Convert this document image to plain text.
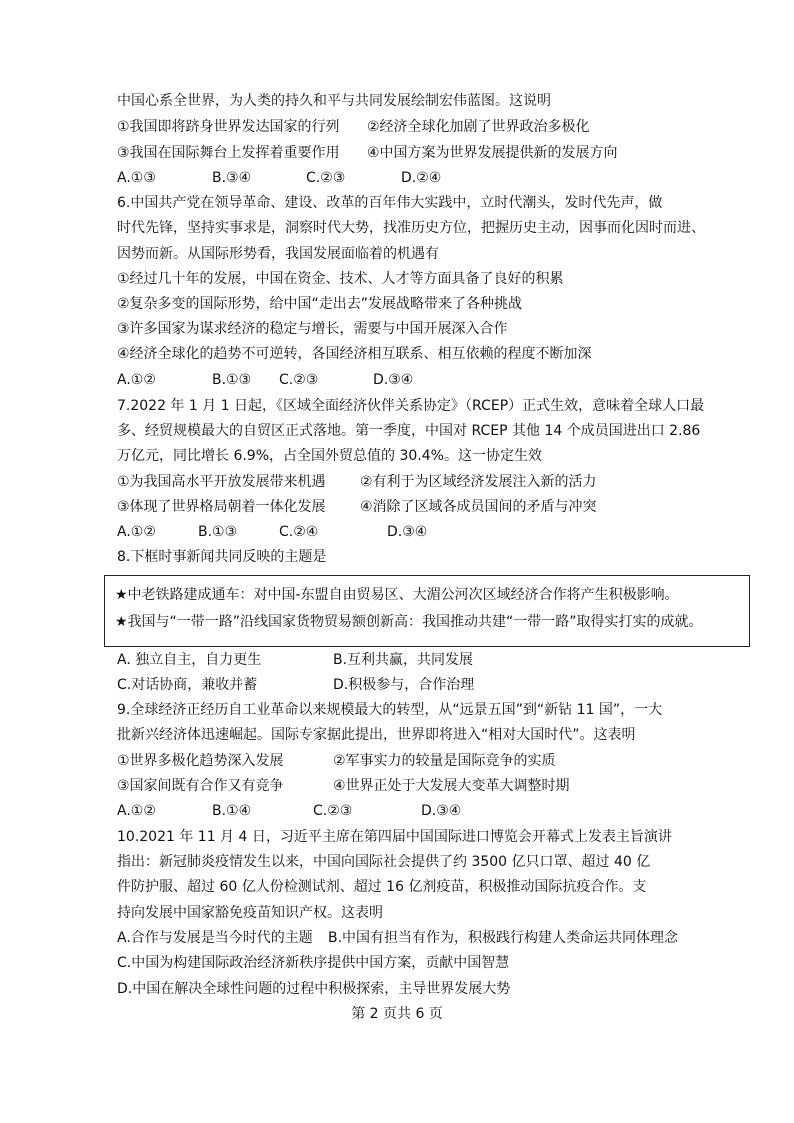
中国心系全世界，为人类的持久和平与共同发展绘制宏伟蓝图。这说明
①我国即将跻身世界发达国家的行列 ②经济全球化加剧了世界政治多极化
③我国在国际舞台上发挥着重要作用 ④中国方案为世界发展提供新的发展方向
A.①③	B.③④	C.②③	D.②④
6.中国共产党在领导革命、建设、改革的百年伟大实践中，立时代潮头，发时代先声，做
时代先锋，坚持实事求是，洞察时代大势，找准历史方位，把握历史主动，因事而化因时而进、
因势而新。从国际形势看，我国发展面临着的机遇有
①经过几十年的发展，中国在资金、技术、人才等方面具备了良好的积累
②复杂多变的国际形势，给中国“走出去”发展战略带来了各种挑战
③许多国家为谋求经济的稳定与增长，需要与中国开展深入合作
④经济全球化的趋势不可逆转，各国经济相互联系、相互依赖的程度不断加深
A.①②	B.①③ C.②③	D.③④
7.2022 年 1 月 1 日起，《区域全面经济伙伴关系协定》（RCEP）正式生效，意味着全球人口最
多、经贸规模最大的自贸区正式落地。第一季度，中国对 RCEP 其他 14 个成员国进出口 2.86
万亿元，同比增长 6.9%，占全国外贸总值的 30.4%。这一协定生效
①为我国高水平开放发展带来机遇 ②有利于为区域经济发展注入新的活力
③体现了世界格局朝着一体化发展 ④消除了区域各成员国间的矛盾与冲突
A.①②	B.①③	C.②④	D.③④
8.下框时事新闻共同反映的主题是
★中老铁路建成通车：对中国-东盟自由贸易区、大湄公河次区域经济合作将产生积极影响。
★我国与“一带一路”沿线国家货物贸易额创新高：我国推动共建“一带一路”取得实打实的成就。
A. 独立自主，自力更生	B.互利共赢，共同发展
C.对话协商，兼收并蓄	D.积极参与，合作治理
9.全球经济正经历自工业革命以来规模最大的转型，从“远景五国”到“新钻 11 国”，一大
批新兴经济体迅速崛起。国际专家据此提出，世界即将进入“相对大国时代”。这表明
①世界多极化趋势深入发展	②军事实力的较量是国际竞争的实质
③国家间既有合作又有竞争	④世界正处于大发展大变革大调整时期
A.①②	B.①④	C.②③	D.③④
10.2021 年 11 月 4 日，习近平主席在第四届中国国际进口博览会开幕式上发表主旨演讲
指出：新冠肺炎疫情发生以来，中国向国际社会提供了约 3500 亿只口罩、超过 40 亿
件防护服、超过 60 亿人份检测试剂、超过 16 亿剂疫苗，积极推动国际抗疫合作。支
持向发展中国家豁免疫苗知识产权。这表明
A.合作与发展是当今时代的主题 B.中国有担当有作为，积极践行构建人类命运共同体理念
C.中国为构建国际政治经济新秩序提供中国方案，贡献中国智慧
D.中国在解决全球性问题的过程中积极探索，主导世界发展大势
第 2 页共 6 页
